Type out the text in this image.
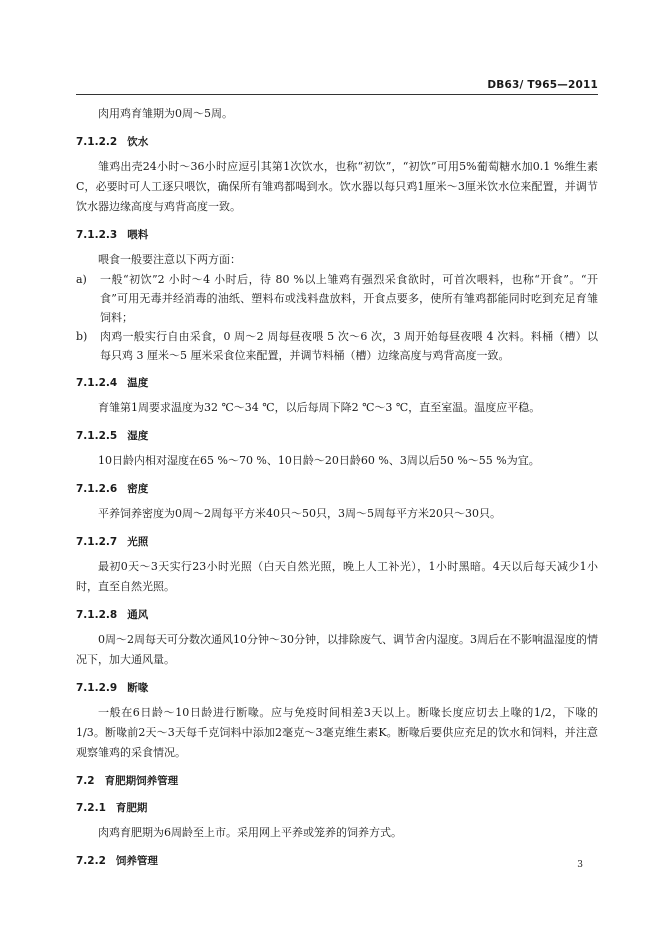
DB63/ T965—2011

肉用鸡育雏期为0周～5周。

7.1.2.2 饮水

雏鸡出壳24小时～36小时应逗引其第1次饮水，也称“初饮”，“初饮”可用5%葡萄糖水加0.1 %维生素C，必要时可人工逐只喂饮，确保所有雏鸡都喝到水。饮水器以每只鸡1厘米～3厘米饮水位来配置，并调节饮水器边缘高度与鸡背高度一致。

7.1.2.3 喂料

喂食一般要注意以下两方面：

a)	一般“初饮”2 小时～4 小时后，待 80 %以上雏鸡有强烈采食欲时，可首次喂料，也称“开食”。“开食”可用无毒并经消毒的油纸、塑料布或浅料盘放料，开食点要多，使所有雏鸡都能同时吃到充足育雏饲料；
b)	肉鸡一般实行自由采食，0 周～2 周每昼夜喂 5 次～6 次，3 周开始每昼夜喂 4 次料。料桶（槽）以每只鸡 3 厘米～5 厘米采食位来配置，并调节料桶（槽）边缘高度与鸡背高度一致。

7.1.2.4 温度

育雏第1周要求温度为32 ℃～34 ℃，以后每周下降2 ℃～3 ℃，直至室温。温度应平稳。

7.1.2.5 湿度

10日龄内相对湿度在65 %～70 %、10日龄～20日龄60 %、3周以后50 %～55 %为宜。

7.1.2.6 密度

平养饲养密度为0周～2周每平方米40只～50只，3周～5周每平方米20只～30只。

7.1.2.7 光照

最初0天～3天实行23小时光照（白天自然光照，晚上人工补光），1小时黑暗。4天以后每天减少1小时，直至自然光照。

7.1.2.8 通风

0周～2周每天可分数次通风10分钟～30分钟，以排除废气、调节舍内湿度。3周后在不影响温湿度的情况下，加大通风量。

7.1.2.9 断喙

一般在6日龄～10日龄进行断喙。应与免疫时间相差3天以上。断喙长度应切去上喙的1/2，下喙的1/3。断喙前2天～3天每千克饲料中添加2毫克～3毫克维生素K。断喙后要供应充足的饮水和饲料，并注意观察雏鸡的采食情况。

7.2 育肥期饲养管理

7.2.1 育肥期

肉鸡育肥期为6周龄至上市。采用网上平养或笼养的饲养方式。

7.2.2 饲养管理	3
